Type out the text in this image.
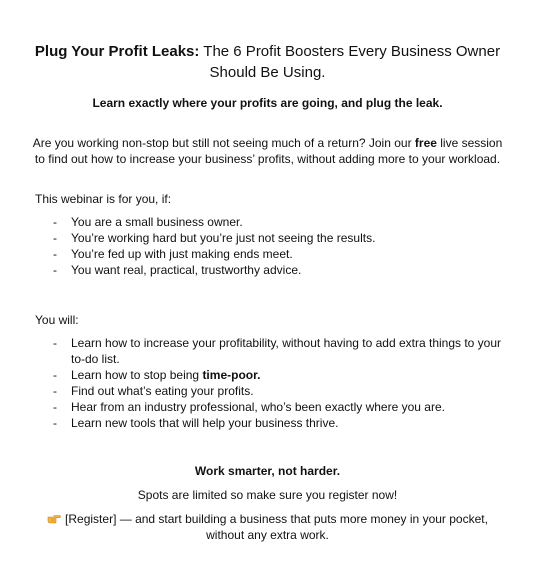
Plug Your Profit Leaks: The 6 Profit Boosters Every Business Owner Should Be Using.
Learn exactly where your profits are going, and plug the leak.
Are you working non-stop but still not seeing much of a return? Join our free live session to find out how to increase your business’ profits, without adding more to your workload.
This webinar is for you, if:
- You are a small business owner.
- You’re working hard but you’re just not seeing the results.
- You’re fed up with just making ends meet.
- You want real, practical, trustworthy advice.
You will:
- Learn how to increase your profitability, without having to add extra things to your to-do list.
- Learn how to stop being time-poor.
- Find out what’s eating your profits.
- Hear from an industry professional, who’s been exactly where you are.
- Learn new tools that will help your business thrive.
Work smarter, not harder.
Spots are limited so make sure you register now!
[Register] — and start building a business that puts more money in your pocket, without any extra work.
